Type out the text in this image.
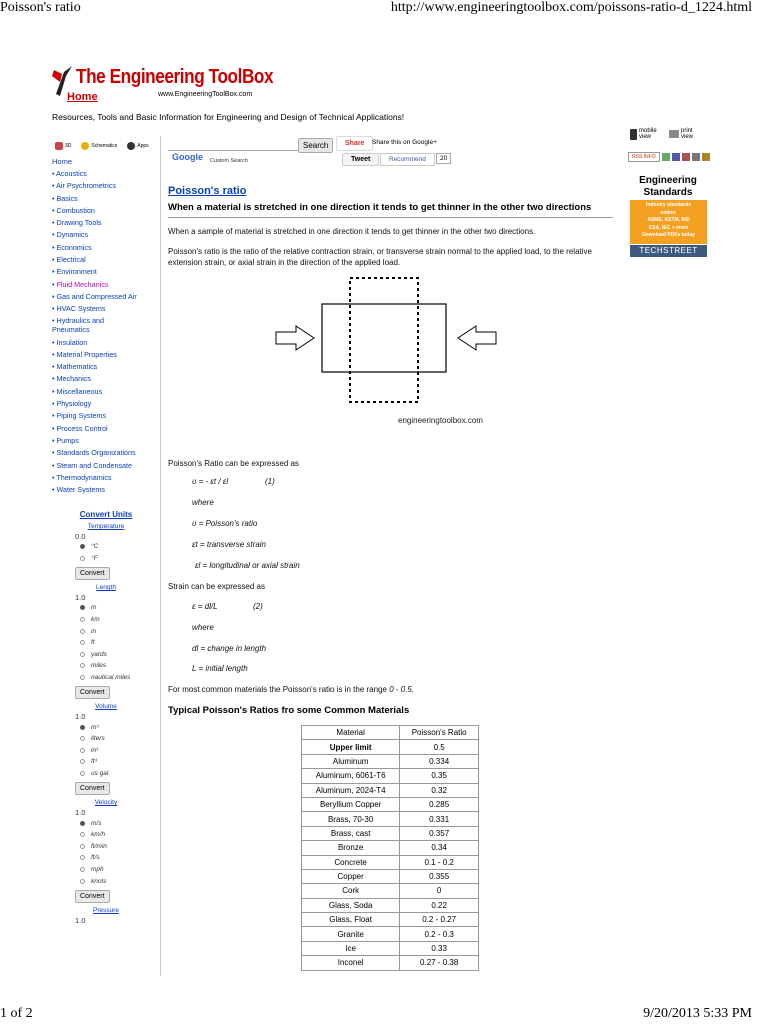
Poisson's ratio	http://www.engineeringtoolbox.com/poissons-ratio-d_1224.html
1 of 2	9/20/2013 5:33 PM
The Engineering ToolBox
Home	www.EngineeringToolBox.com
Resources, Tools and Basic Information for Engineering and Design of Technical Applications!
3D	Schematics	Apps
Home
• Acoustics
• Air Psychrometrics
• Basics
• Combustion
• Drawing Tools
• Dynamics
• Economics
• Electrical
• Environment
• Fluid Mechanics
• Gas and Compressed Air
• HVAC Systems
• Hydraulics and Pneumatics
• Insulation
• Material Properties
• Mathematics
• Mechanics
• Miscellaneous
• Physiology
• Piping Systems
• Process Control
• Pumps
• Standards Organizations
• Steam and Condensate
• Thermodynamics
• Water Systems
Convert Units
Temperature
0.0
°C
°F
Convert
Length
1.0
m
km
in
ft
yards
miles
nautical miles
Convert
Volume
1.0
m³
liters
in³
ft³
us gal
Convert
Velocity
1.0
m/s
km/h
ft/min
ft/s
mph
knots
Convert
Pressure
1.0
Google Custom Search
Search	Share	Share this on Google+
Tweet	Recommend	20
Poisson's ratio
When a material is stretched in one direction it tends to get thinner in the other two directions
When a sample of material is stretched in one direction it tends to get thinner in the other two directions.
Poisson's ratio is the ratio of the relative contraction strain, or transverse strain normal to the applied load, to the relative extension strain, or axial strain in the direction of the applied load.
engineeringtoolbox.com
Poisson's Ratio can be expressed as
υ = - εt / εl	(1)
where
υ = Poisson's ratio
εt = transverse strain
εl = longitudinal or axial strain
Strain can be expressed as
ε = dl/L	(2)
where
dl = change in length
L = initial length
For most common materials the Poisson's ratio is in the range 0 - 0.5.
Typical Poisson's Ratios fro some Common Materials
Material	Poisson's Ratio
Upper limit	0.5
Aluminum	0.334
Aluminum, 6061-T6	0.35
Aluminum, 2024-T4	0.32
Beryllium Copper	0.285
Brass, 70-30	0.331
Brass, cast	0.357
Bronze	0.34
Concrete	0.1 - 0.2
Copper	0.355
Cork	0
Glass, Soda	0.22
Glass, Float	0.2 - 0.27
Granite	0.2 - 0.3
Ice	0.33
Inconel	0.27 - 0.38
mobile view
print view
RSS INFO
Engineering Standards
Industry standards
online:
ASME, ASTM, BSI
CSA, IEC + more
Download PDFs today
TECHSTREET
